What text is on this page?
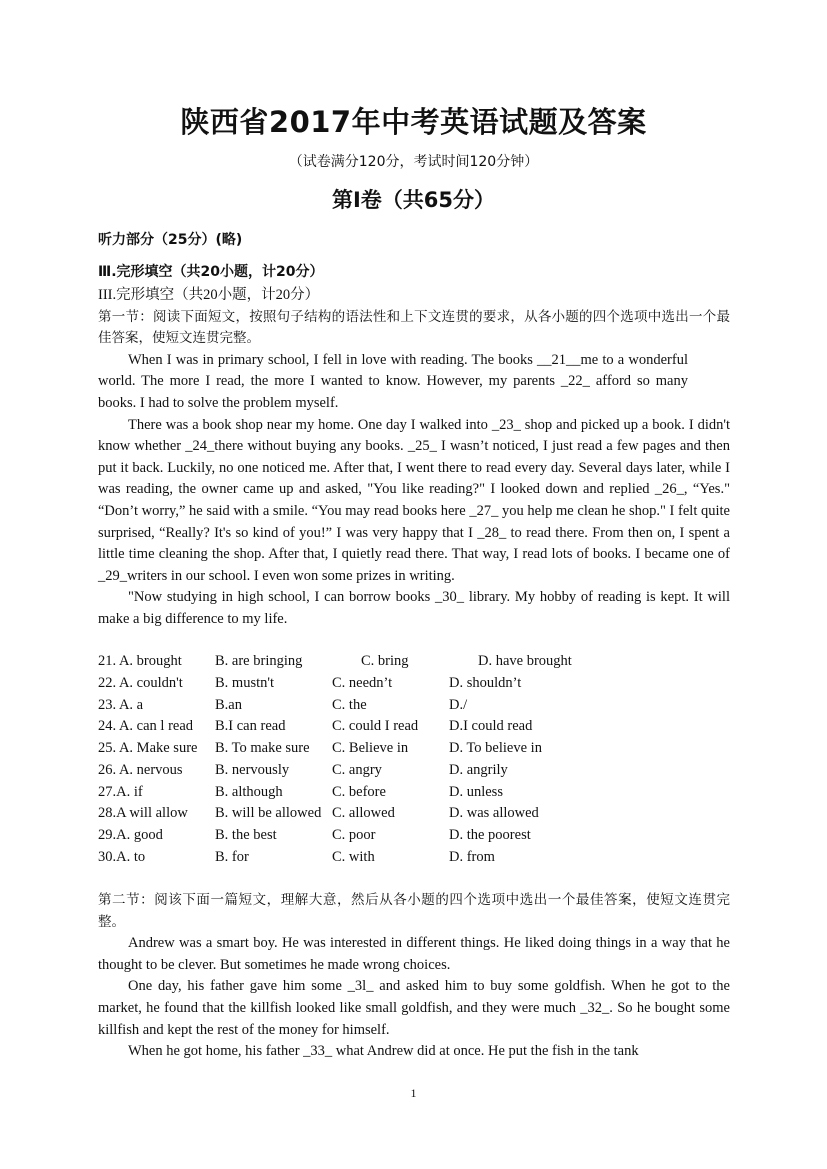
陕西省2017年中考英语试题及答案
（试卷满分120分，考试时间120分钟）
第Ⅰ卷（共65分）
听力部分（25分）(略)
Ⅲ.完形填空（共20小题，计20分）

III.完形填空（共20小题，计20分）

第一节：阅读下面短文，按照句子结构的语法性和上下文连贯的要求，从各小题的四个选项中选出一个最佳答案，使短文连贯完整。

When I was in primary school, I fell in love with reading. The books __21__me to a wonderful world. The more I read, the more I wanted to know. However, my parents _22_ afford so many books. I had to solve the problem myself.

There was a book shop near my home. One day I walked into _23_ shop and picked up a book. I didn't know whether _24_there without buying any books. _25_ I wasn’t noticed, I just read a few pages and then put it back. Luckily, no one noticed me. After that, I went there to read every day. Several days later, while I was reading, the owner came up and asked, "You like reading?" I looked down and replied _26_, “Yes." “Don’t worry,” he said with a smile. “You may read books here _27_ you help me clean he shop." I felt quite surprised, “Really? It's so kind of you!” I was very happy that I _28_ to read there. From then on, I spent a little time cleaning the shop. After that, I quietly read there. That way, I read lots of books. I became one of _29_writers in our school. I even won some prizes in writing.

"Now studying in high school, I can borrow books _30_ library. My hobby of reading is kept. It will make a big difference to my life.

21. A. brought B. are bringing	C. bring	D. have brought
22. A. couldn't B. mustn't	C. needn’t	D. shouldn’t
23. A. a	B.an	C. the	D./
24. A. can l read B.I can read	C. could I read D.I could read
25. A. Make sure B. To make sure C. Believe in	D. To believe in
26. A. nervous B. nervously	C. angry	D. angrily
27.A. if	B. although	C. before	D. unless
28.A will allow B. will be allowed C. allowed	D. was allowed
29.A. good	B. the best	C. poor	D. the poorest
30.A. to	B. for	C. with	D. from

第二节：阅该下面一篇短文，理解大意，然后从各小题的四个选项中选出一个最佳答案，使短文连贯完整。

Andrew was a smart boy. He was interested in different things. He liked doing things in a way that he thought to be clever. But sometimes he made wrong choices.

One day, his father gave him some _3l_ and asked him to buy some goldfish. When he got to the market, he found that the killfish looked like small goldfish, and they were much _32_. So he bought some killfish and kept the rest of the money for himself.

When he got home, his father _33_ what Andrew did at once. He put the fish in the tank

1
